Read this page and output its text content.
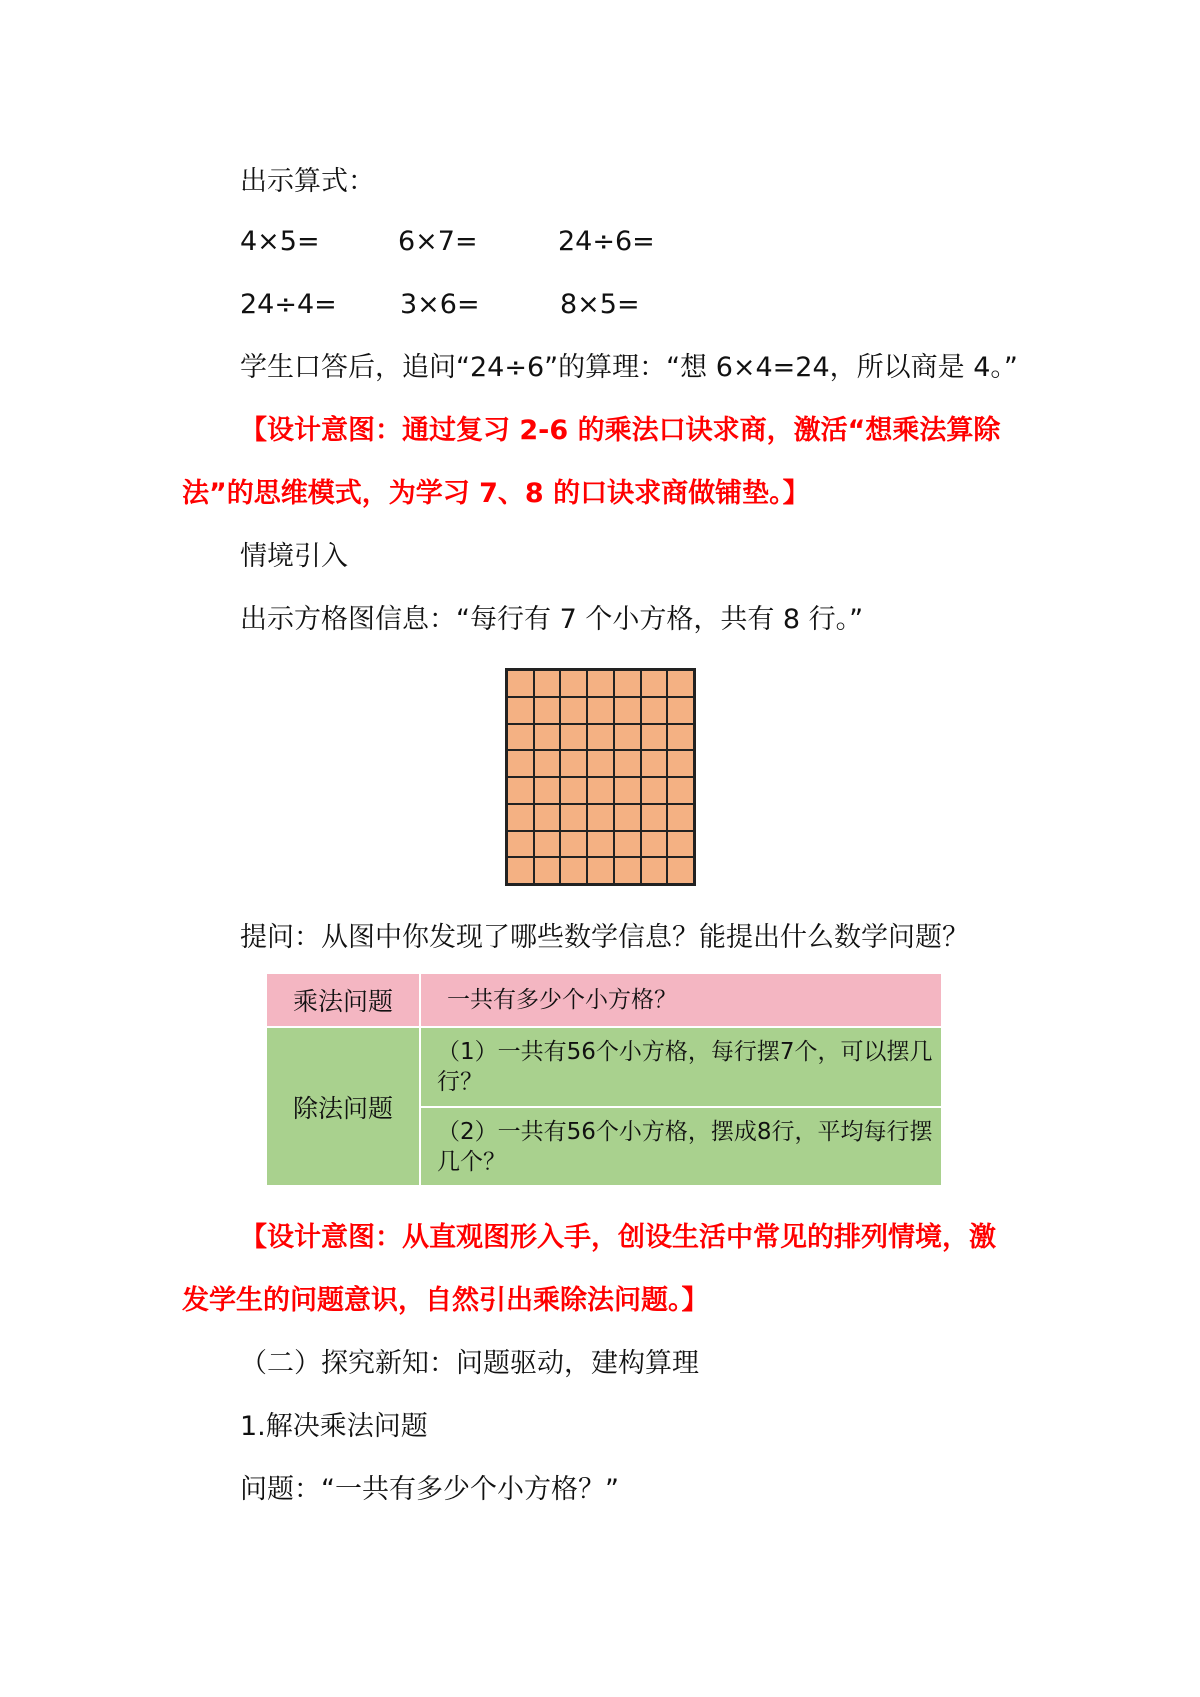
出示算式：
4×5=	6×7=	24÷6=
24÷4= 3×6=	8×5=
学生口答后，追问“24÷6”的算理：“想 6×4=24，所以商是 4。”
【设计意图：通过复习 2-6 的乘法口诀求商，激活“想乘法算除
法”的思维模式，为学习 7、8 的口诀求商做铺垫。】
情境引入
出示方格图信息：“每行有 7 个小方格，共有 8 行。”
提问：从图中你发现了哪些数学信息？能提出什么数学问题？
乘法问题	一共有多少个小方格？
除法问题	（1）一共有56个小方格，每行摆7个，可以摆几行？
	（2）一共有56个小方格，摆成8行，平均每行摆几个？
【设计意图：从直观图形入手，创设生活中常见的排列情境，激
发学生的问题意识，自然引出乘除法问题。】
（二）探究新知：问题驱动，建构算理
1.解决乘法问题
问题：“一共有多少个小方格？”
